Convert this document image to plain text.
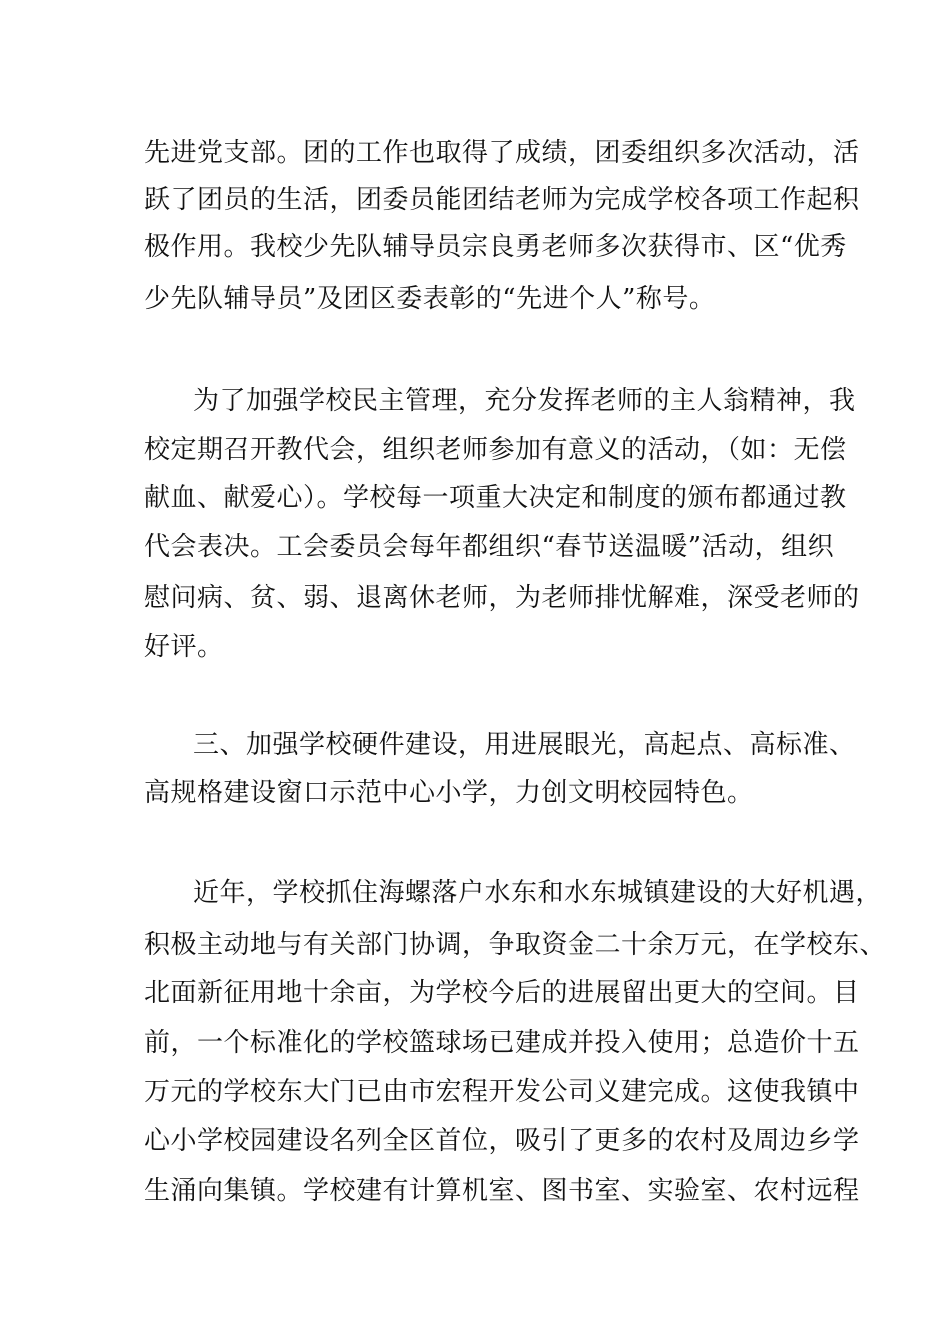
先进党支部。团的工作也取得了成绩，团委组织多次活动，活
跃了团员的生活，团委员能团结老师为完成学校各项工作起积
极作用。我校少先队辅导员宗良勇老师多次获得市、区“优秀
少先队辅导员”及团区委表彰的“先进个人”称号。
为了加强学校民主管理，充分发挥老师的主人翁精神，我
校定期召开教代会，组织老师参加有意义的活动，（如：无偿
献血、献爱心）。学校每一项重大决定和制度的颁布都通过教
代会表决。工会委员会每年都组织“春节送温暖”活动，组织
慰问病、贫、弱、退离休老师，为老师排忧解难，深受老师的
好评。
三、加强学校硬件建设，用进展眼光，高起点、高标准、
高规格建设窗口示范中心小学，力创文明校园特色。
近年，学校抓住海螺落户水东和水东城镇建设的大好机遇，
积极主动地与有关部门协调，争取资金二十余万元，在学校东、
北面新征用地十余亩，为学校今后的进展留出更大的空间。目
前，一个标准化的学校篮球场已建成并投入使用；总造价十五
万元的学校东大门已由市宏程开发公司义建完成。这使我镇中
心小学校园建设名列全区首位，吸引了更多的农村及周边乡学
生涌向集镇。学校建有计算机室、图书室、实验室、农村远程
